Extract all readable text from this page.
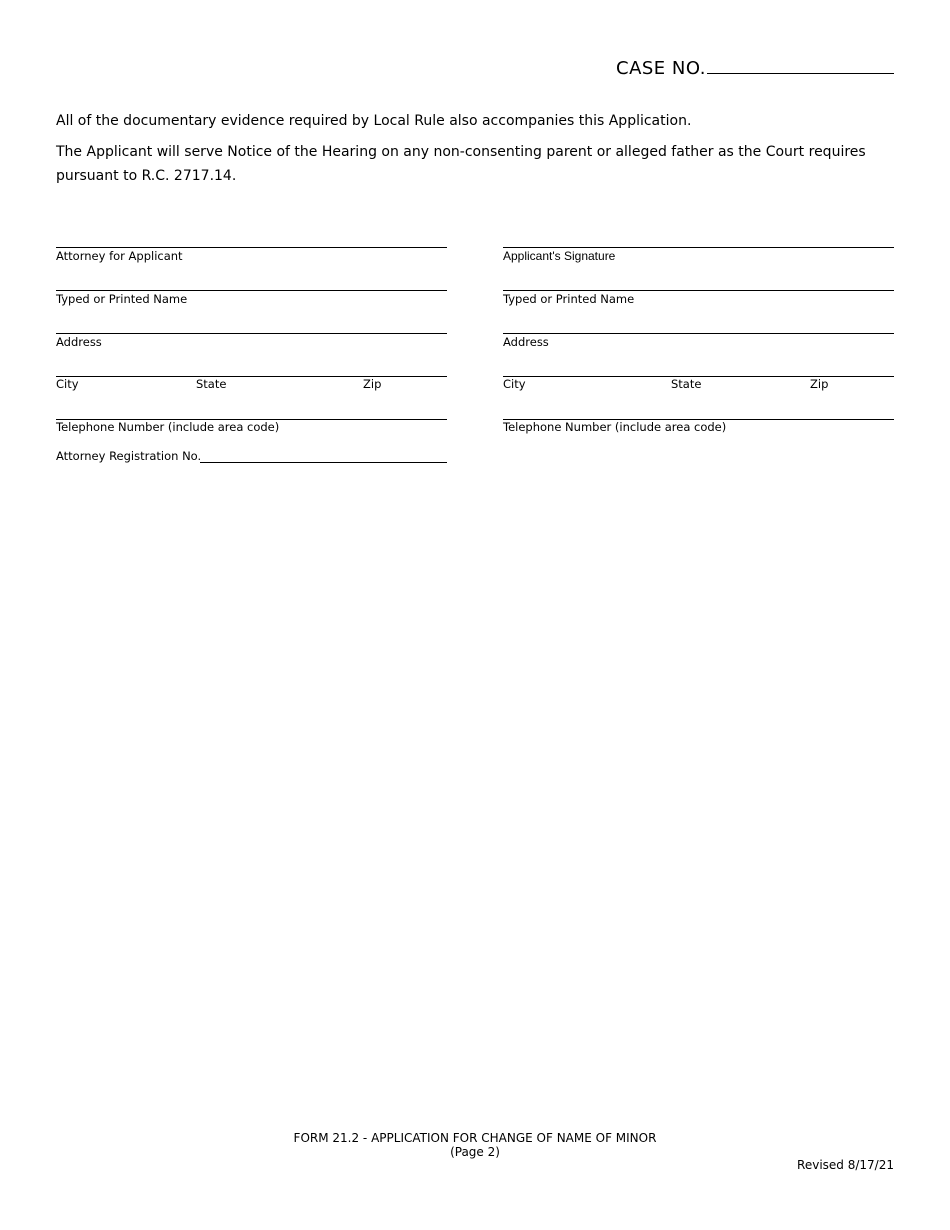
CASE NO.
All of the documentary evidence required by Local Rule also accompanies this Application.
The Applicant will serve Notice of the Hearing on any non-consenting parent or alleged father as the Court requires pursuant to R.C. 2717.14.
Attorney for Applicant
Typed or Printed Name
Address
City	State	Zip
Telephone Number (include area code)
Attorney Registration No.
Applicant's Signature
Typed or Printed Name
Address
City	State	Zip
Telephone Number (include area code)
FORM 21.2 - APPLICATION FOR CHANGE OF NAME OF MINOR
(Page 2)
Revised 8/17/21
